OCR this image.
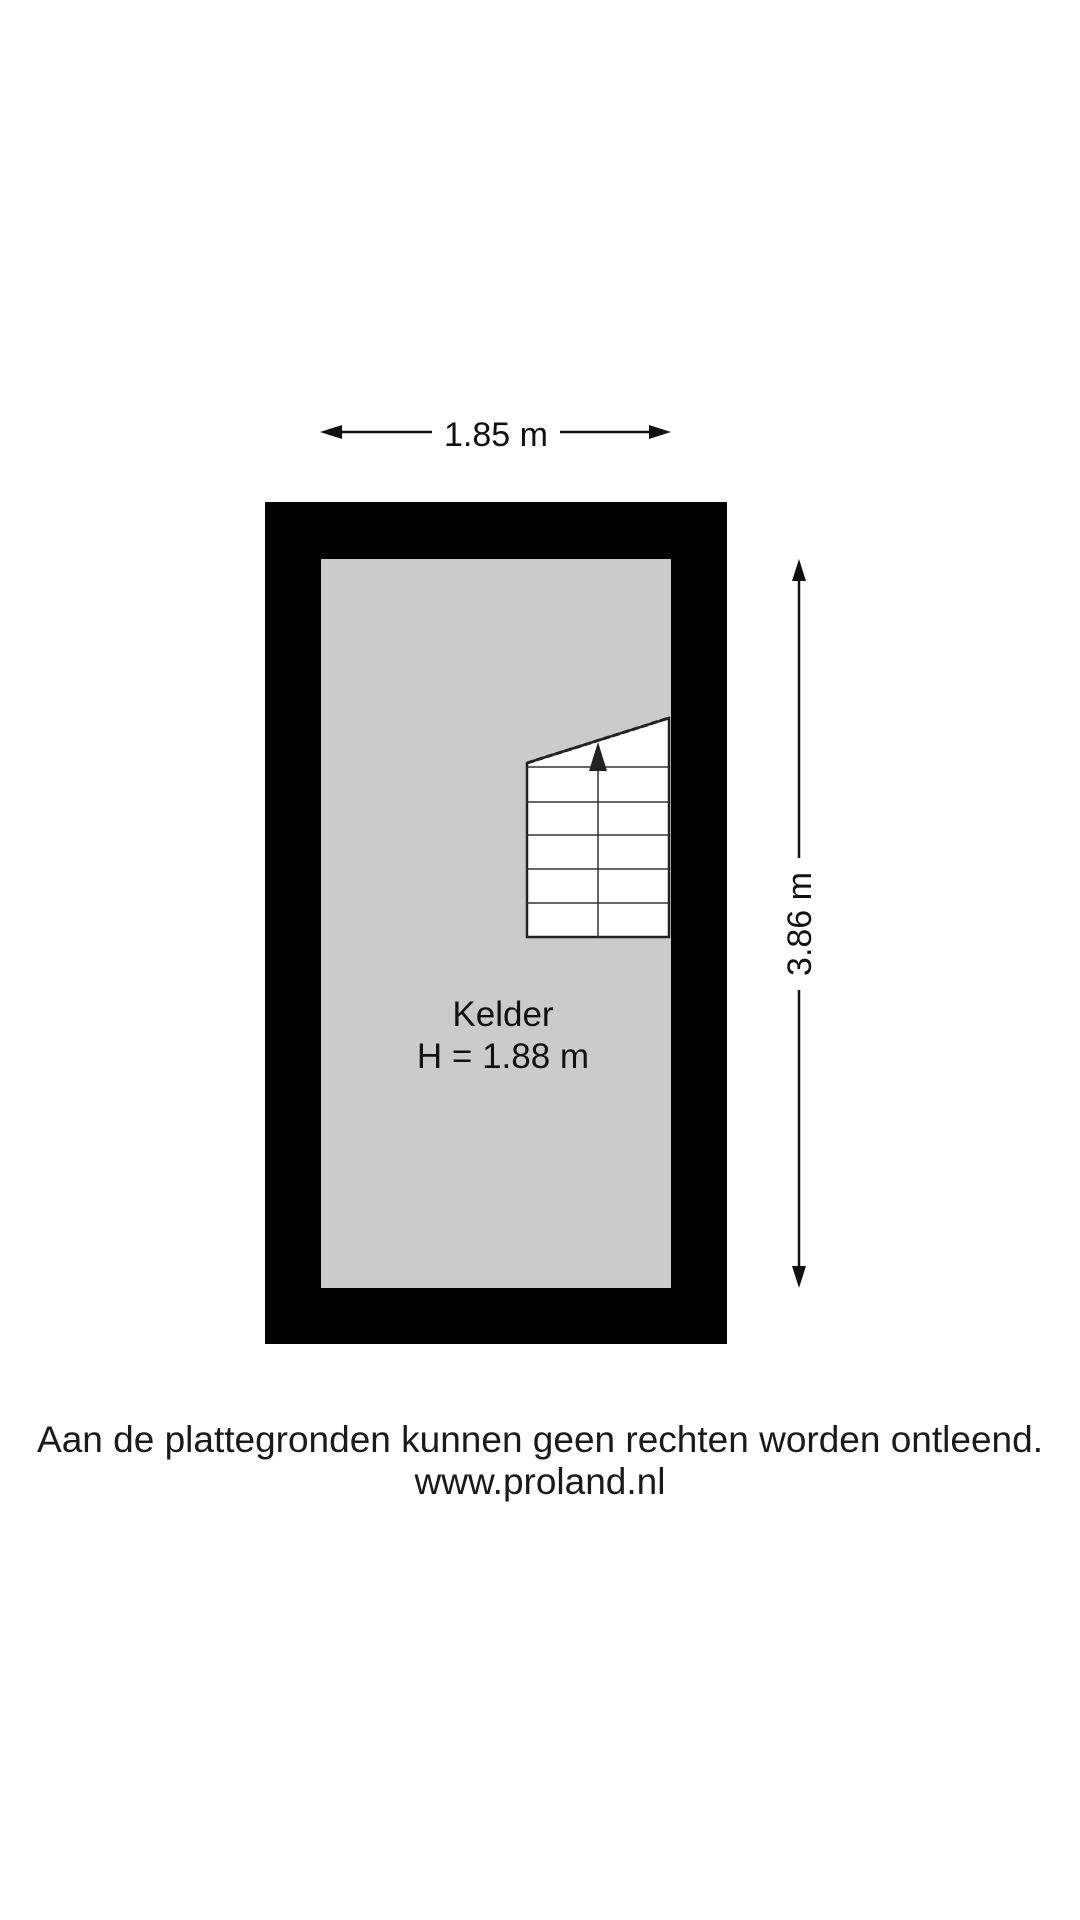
1.85 m
Kelder
H = 1.88 m
3.86 m
Aan de plattegronden kunnen geen rechten worden ontleend.
www.proland.nl
